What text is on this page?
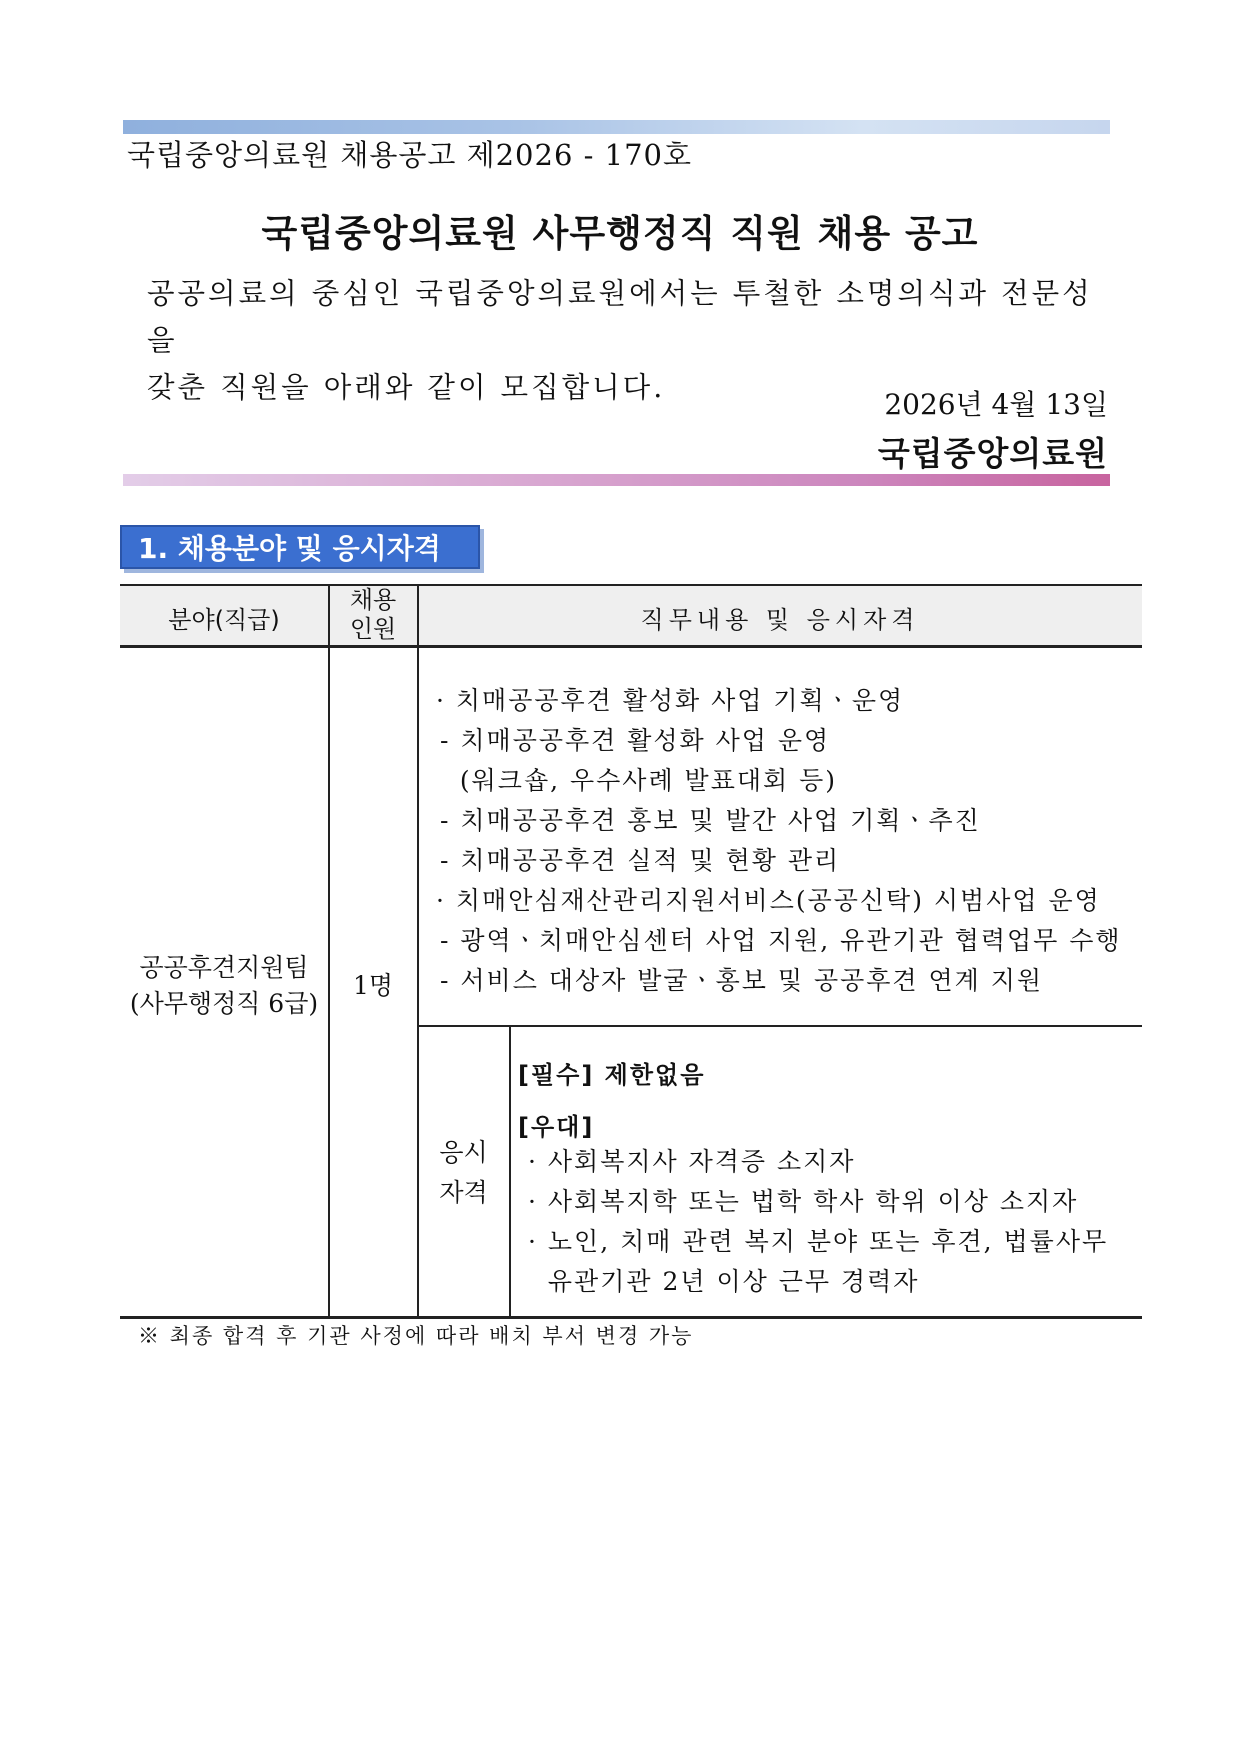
국립중앙의료원 채용공고 제2026 - 170호
국립중앙의료원 사무행정직 직원 채용 공고
공공의료의 중심인 국립중앙의료원에서는 투철한 소명의식과 전문성을
갖춘 직원을 아래와 같이 모집합니다.
2026년 4월 13일
국립중앙의료원
1. 채용분야 및 응시자격
분야(직급)
채용
인원	직무내용 및 응시자격
공공후견지원팀
(사무행정직 6급)
1명
· 치매공공후견 활성화 사업 기획ㆍ운영
- 치매공공후견 활성화 사업 운영
(워크숍, 우수사례 발표대회 등)
- 치매공공후견 홍보 및 발간 사업 기획ㆍ추진
- 치매공공후견 실적 및 현황 관리
· 치매안심재산관리지원서비스(공공신탁) 시범사업 운영
- 광역ㆍ치매안심센터 사업 지원, 유관기관 협력업무 수행
- 서비스 대상자 발굴ㆍ홍보 및 공공후견 연계 지원
응시
자격
[필수] 제한없음
[우대]
· 사회복지사 자격증 소지자
· 사회복지학 또는 법학 학사 학위 이상 소지자
· 노인, 치매 관련 복지 분야 또는 후견, 법률사무
유관기관 2년 이상 근무 경력자
※ 최종 합격 후 기관 사정에 따라 배치 부서 변경 가능
